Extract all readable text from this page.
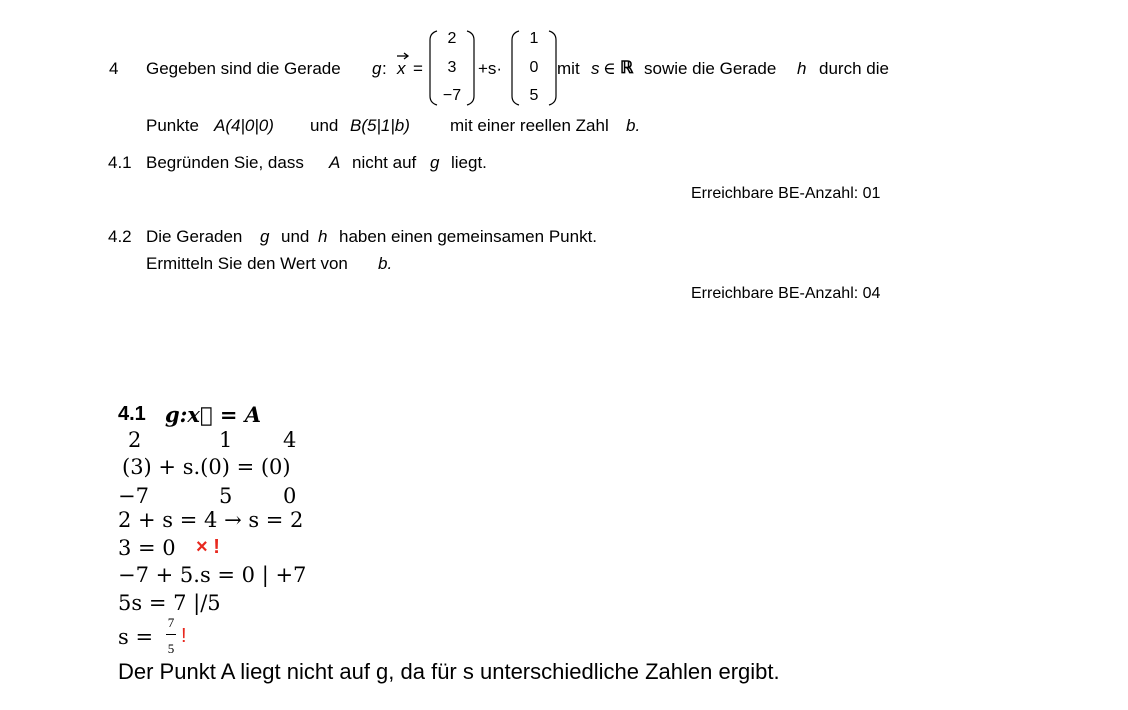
4 Gegeben sind die Gerade g : x =
2
3
−7
+s·
1
0
5
mit s ∈ ℝ sowie die Gerade h durch die
Punkte A(4|0|0) und B(5|1|b) mit einer reellen Zahl b.
4.1 Begründen Sie, dass A nicht auf g liegt.
Erreichbare BE-Anzahl: 01
4.2 Die Geraden g und h haben einen gemeinsamen Punkt.
Ermitteln Sie den Wert von b.
Erreichbare BE-Anzahl: 04
4.1 g:x⃗ = A
2	1 4
(3) + s.(0) = (0)
−7	5 0
2 + s = 4 → s = 2
3 = 0 × !
−7 + 5.s = 0 | +7
5s = 7 |/5
s =
7
5
!
Der Punkt A liegt nicht auf g, da für s unterschiedliche Zahlen ergibt.
